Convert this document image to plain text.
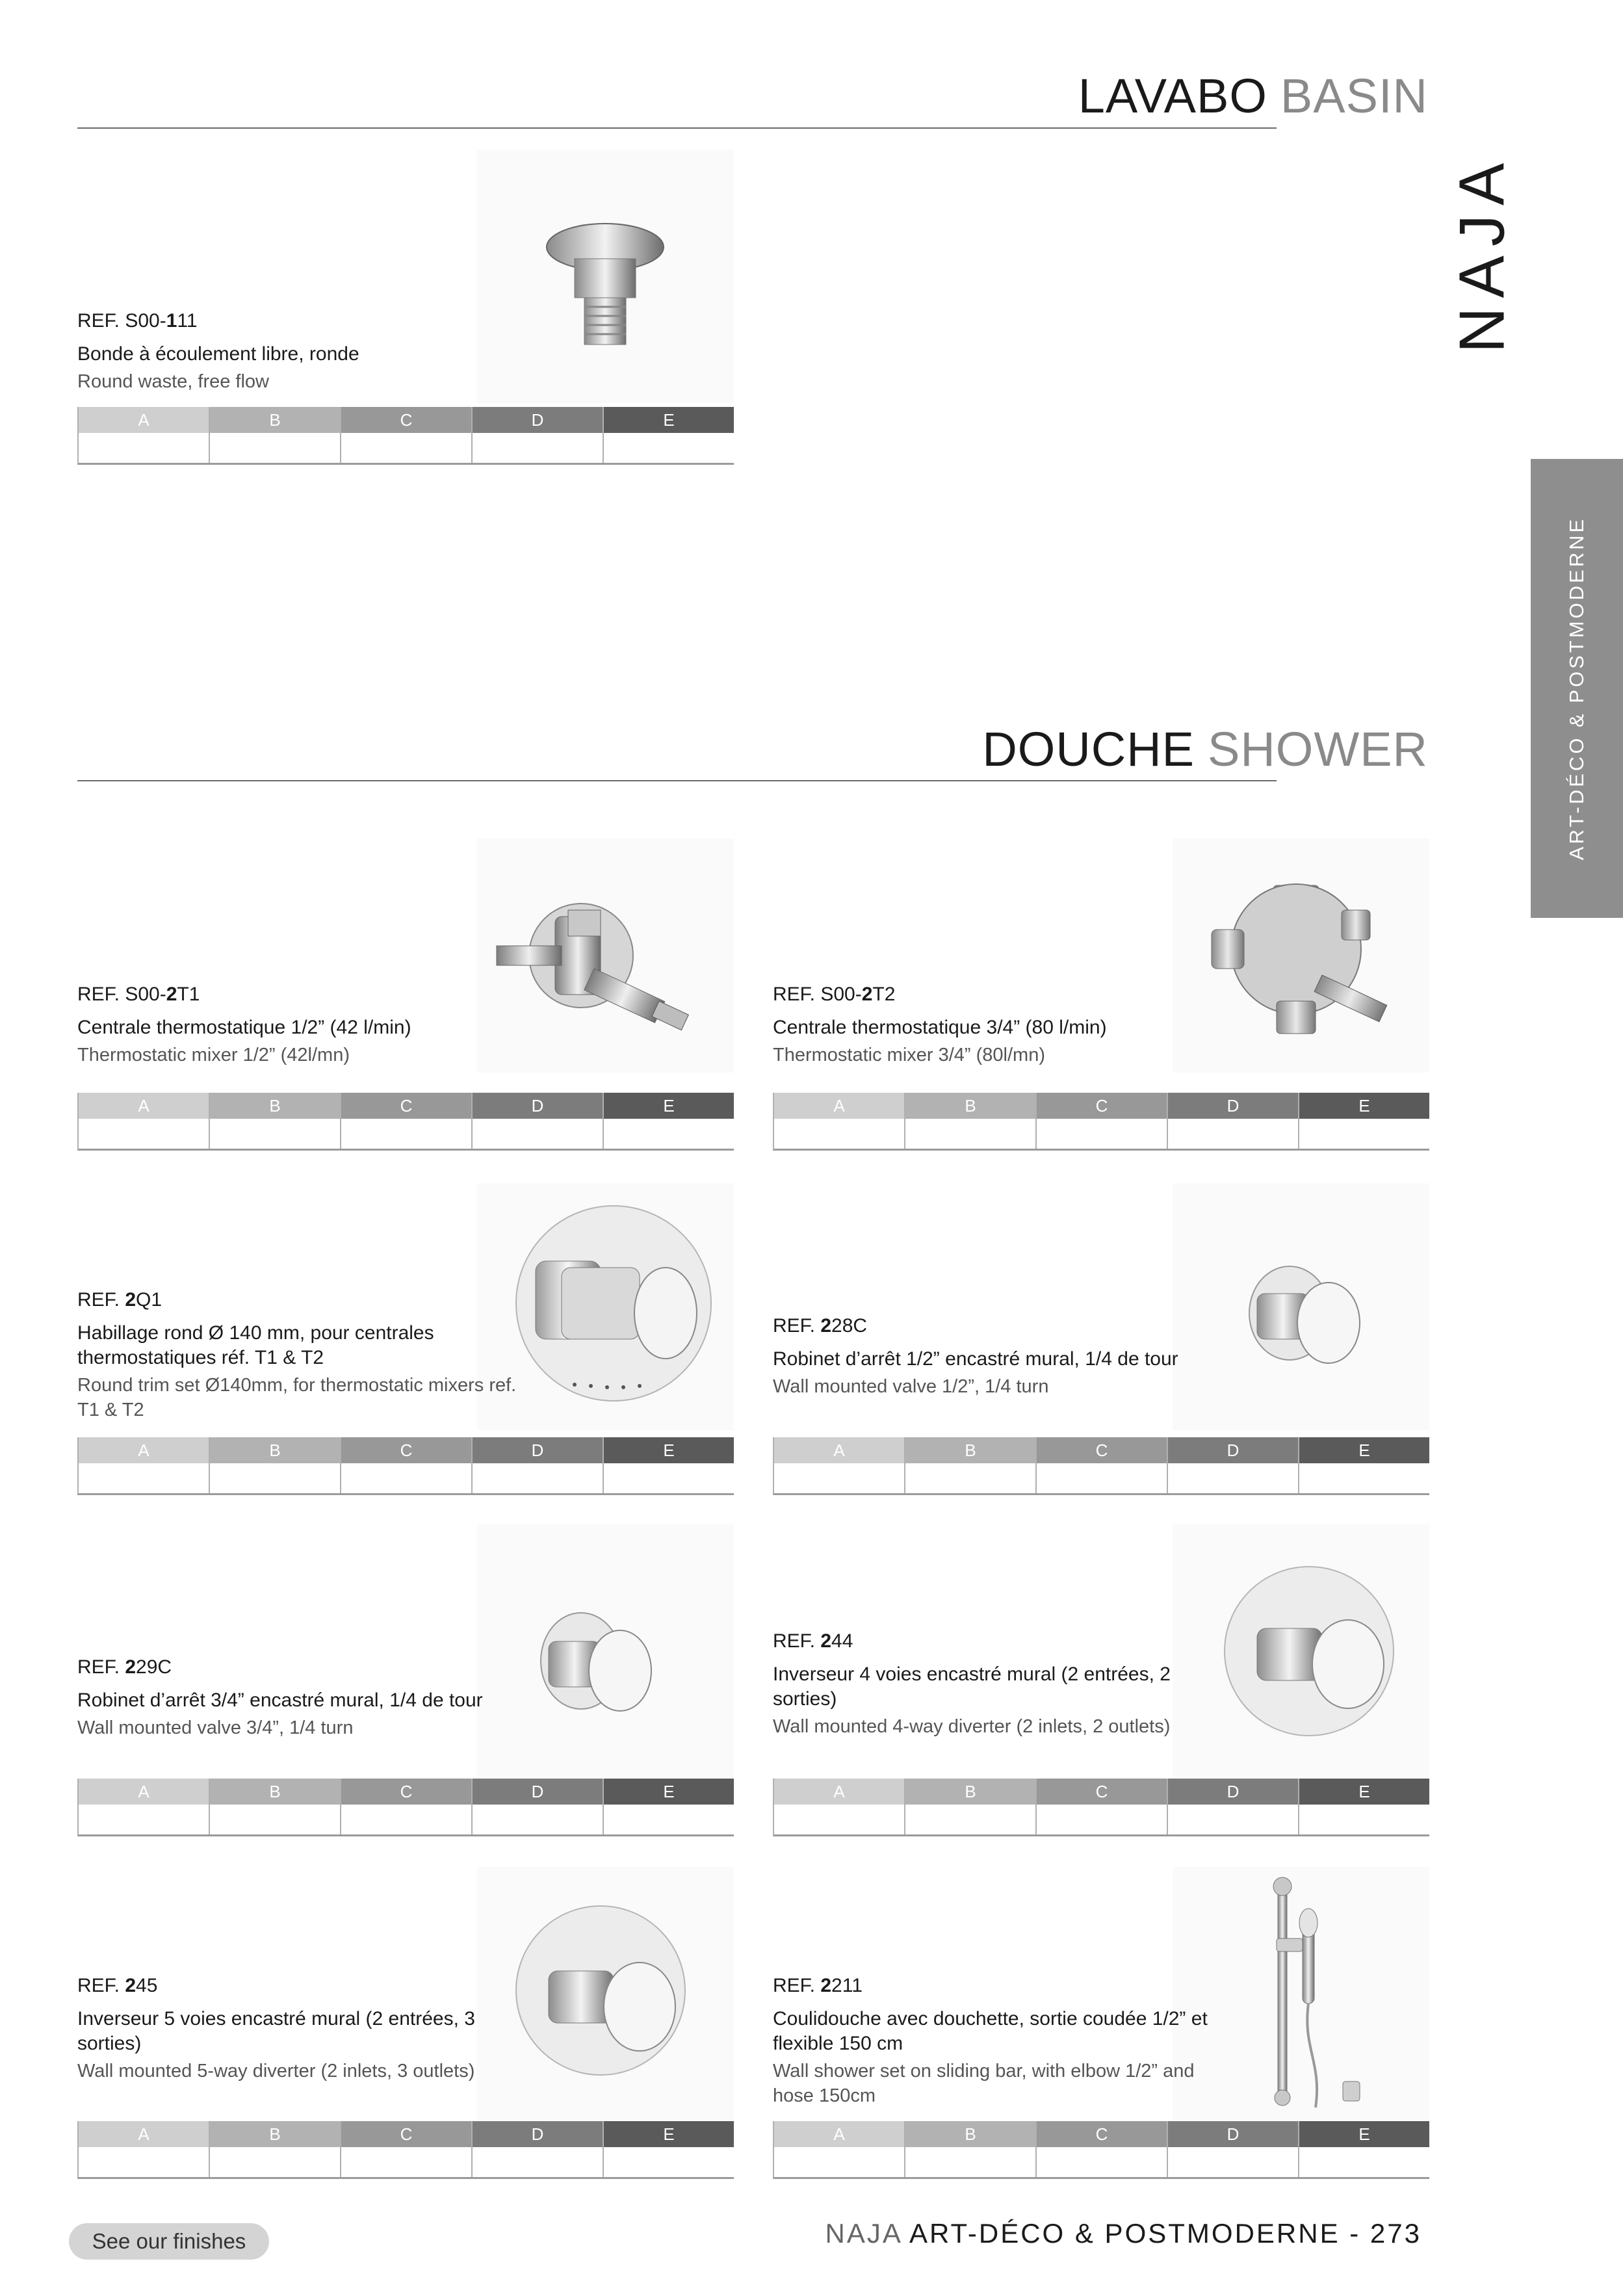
LAVABO BASIN
DOUCHE SHOWER
NAJA
ART-DÉCO & POSTMODERNE
REF. S00-111
Bonde à écoulement libre, ronde
Round waste, free flow
A	B	C	D	E
REF. S00-2T1
Centrale thermostatique 1/2” (42 l/min)
Thermostatic mixer 1/2” (42l/mn)
A	B	C	D	E
REF. S00-2T2
Centrale thermostatique 3/4” (80 l/min)
Thermostatic mixer 3/4” (80l/mn)
A	B	C	D	E
REF. 2Q1
Habillage rond Ø 140 mm, pour centrales thermostatiques réf. T1 & T2
Round trim set Ø140mm, for thermostatic mixers ref. T1 & T2
A	B	C	D	E
REF. 228C
Robinet d’arrêt 1/2” encastré mural, 1/4 de tour
Wall mounted valve 1/2”, 1/4 turn
A	B	C	D	E
REF. 229C
Robinet d’arrêt 3/4” encastré mural, 1/4 de tour
Wall mounted valve 3/4”, 1/4 turn
A	B	C	D	E
REF. 244
Inverseur 4 voies encastré mural (2 entrées, 2 sorties)
Wall mounted 4-way diverter (2 inlets, 2 outlets)
A	B	C	D	E
REF. 245
Inverseur 5 voies encastré mural (2 entrées, 3 sorties)
Wall mounted 5-way diverter (2 inlets, 3 outlets)
A	B	C	D	E
REF. 2211
Coulidouche avec douchette, sortie coudée 1/2” et flexible 150 cm
Wall shower set on sliding bar, with elbow 1/2” and hose 150cm
A	B	C	D	E
See our finishes	NAJA ART-DÉCO & POSTMODERNE - 273
